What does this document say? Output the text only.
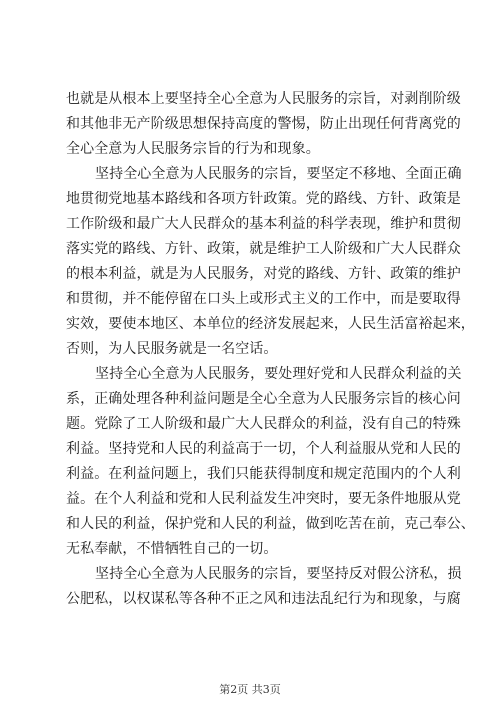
也就是从根本上要坚持全心全意为人民服务的宗旨，对剥削阶级
和其他非无产阶级思想保持高度的警惕，防止出现任何背离党的
全心全意为人民服务宗旨的行为和现象。

坚持全心全意为人民服务的宗旨，要坚定不移地、全面正确
地贯彻党地基本路线和各项方针政策。党的路线、方针、政策是
工作阶级和最广大人民群众的基本利益的科学表现，维护和贯彻
落实党的路线、方针、政策，就是维护工人阶级和广大人民群众
的根本利益，就是为人民服务，对党的路线、方针、政策的维护
和贯彻，并不能停留在口头上或形式主义的工作中，而是要取得
实效，要使本地区、本单位的经济发展起来，人民生活富裕起来，
否则，为人民服务就是一名空话。

坚持全心全意为人民服务，要处理好党和人民群众利益的关
系，正确处理各种利益问题是全心全意为人民服务宗旨的核心问
题。党除了工人阶级和最广大人民群众的利益，没有自己的特殊
利益。坚持党和人民的利益高于一切，个人利益服从党和人民的
利益。在利益问题上，我们只能获得制度和规定范围内的个人利
益。在个人利益和党和人民利益发生冲突时，要无条件地服从党
和人民的利益，保护党和人民的利益，做到吃苦在前，克己奉公、
无私奉献，不惜牺牲自己的一切。

坚持全心全意为人民服务的宗旨，要坚持反对假公济私，损
公肥私，以权谋私等各种不正之风和违法乱纪行为和现象，与腐

第2页 共3页
